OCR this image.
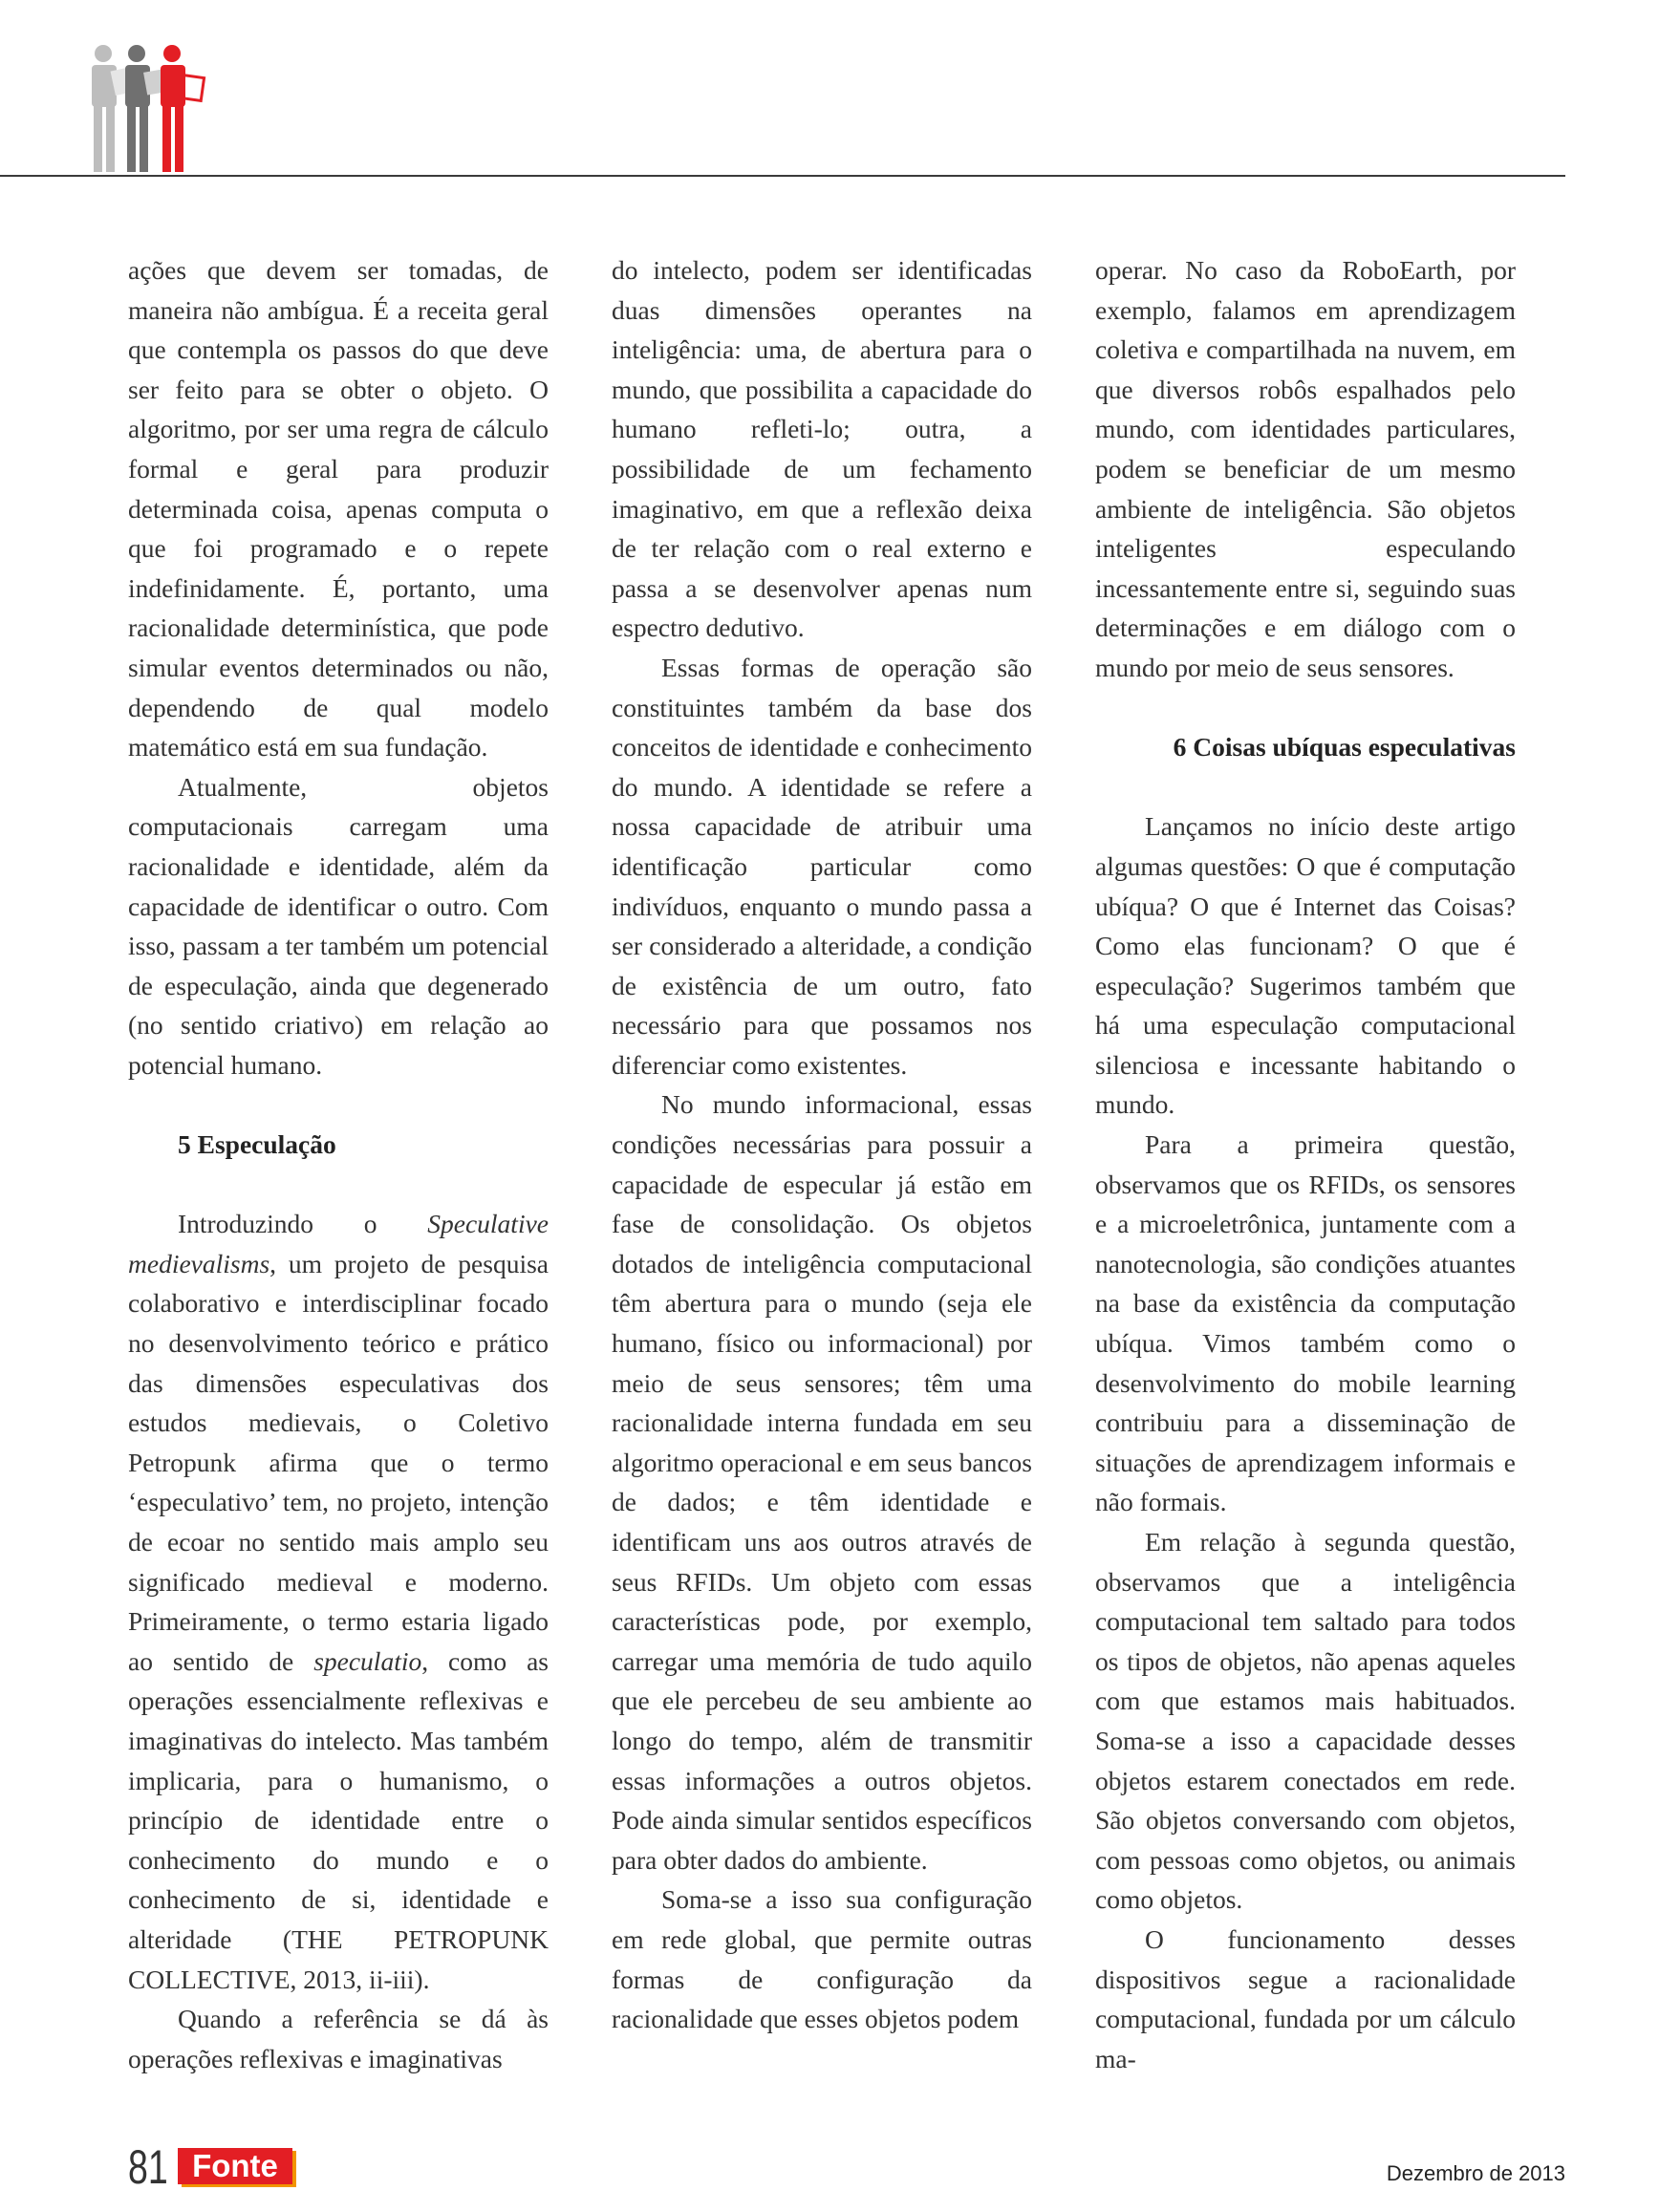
ações que devem ser tomadas, de maneira não ambígua. É a receita geral que contempla os passos do que deve ser feito para se obter o objeto. O algoritmo, por ser uma regra de cálculo formal e geral para produzir determinada coisa, apenas computa o que foi programado e o repete indefinidamente. É, portanto, uma racionalidade determinística, que pode simular eventos determinados ou não, dependendo de qual modelo matemático está em sua fundação.

Atualmente, objetos computacionais carregam uma racionalidade e identidade, além da capacidade de identificar o outro. Com isso, passam a ter também um potencial de especulação, ainda que degenerado (no sentido criativo) em relação ao potencial humano.

5 Especulação

Introduzindo o Speculative medievalisms, um projeto de pesquisa colaborativo e interdisciplinar focado no desenvolvimento teórico e prático das dimensões especulativas dos estudos medievais, o Coletivo Petropunk afirma que o termo ‘especulativo’ tem, no projeto, intenção de ecoar no sentido mais amplo seu significado medieval e moderno. Primeiramente, o termo estaria ligado ao sentido de speculatio, como as operações essencialmente reflexivas e imaginativas do intelecto. Mas também implicaria, para o humanismo, o princípio de identidade entre o conhecimento do mundo e o conhecimento de si, identidade e alteridade (THE PETROPUNK COLLECTIVE, 2013, ii-iii).

Quando a referência se dá às operações reflexivas e imaginativas

do intelecto, podem ser identificadas duas dimensões operantes na inteligência: uma, de abertura para o mundo, que possibilita a capacidade do humano refleti-lo; outra, a possibilidade de um fechamento imaginativo, em que a reflexão deixa de ter relação com o real externo e passa a se desenvolver apenas num espectro dedutivo.

Essas formas de operação são constituintes também da base dos conceitos de identidade e conhecimento do mundo. A identidade se refere a nossa capacidade de atribuir uma identificação particular como indivíduos, enquanto o mundo passa a ser considerado a alteridade, a condição de existência de um outro, fato necessário para que possamos nos diferenciar como existentes.

No mundo informacional, essas condições necessárias para possuir a capacidade de especular já estão em fase de consolidação. Os objetos dotados de inteligência computacional têm abertura para o mundo (seja ele humano, físico ou informacional) por meio de seus sensores; têm uma racionalidade interna fundada em seu algoritmo operacional e em seus bancos de dados; e têm identidade e identificam uns aos outros através de seus RFIDs. Um objeto com essas características pode, por exemplo, carregar uma memória de tudo aquilo que ele percebeu de seu ambiente ao longo do tempo, além de transmitir essas informações a outros objetos. Pode ainda simular sentidos específicos para obter dados do ambiente.

Soma-se a isso sua configuração em rede global, que permite outras formas de configuração da racionalidade que esses objetos podem

operar. No caso da RoboEarth, por exemplo, falamos em aprendizagem coletiva e compartilhada na nuvem, em que diversos robôs espalhados pelo mundo, com identidades particulares, podem se beneficiar de um mesmo ambiente de inteligência. São objetos inteligentes especulando incessantemente entre si, seguindo suas determinações e em diálogo com o mundo por meio de seus sensores.

6 Coisas ubíquas especulativas

Lançamos no início deste artigo algumas questões: O que é computação ubíqua? O que é Internet das Coisas? Como elas funcionam? O que é especulação? Sugerimos também que há uma especulação computacional silenciosa e incessante habitando o mundo.

Para a primeira questão, observamos que os RFIDs, os sensores e a microeletrônica, juntamente com a nanotecnologia, são condições atuantes na base da existência da computação ubíqua. Vimos também como o desenvolvimento do mobile learning contribuiu para a disseminação de situações de aprendizagem informais e não formais.

Em relação à segunda questão, observamos que a inteligência computacional tem saltado para todos os tipos de objetos, não apenas aqueles com que estamos mais habituados. Soma-se a isso a capacidade desses objetos estarem conectados em rede. São objetos conversando com objetos, com pessoas como objetos, ou animais como objetos.

O funcionamento desses dispositivos segue a racionalidade computacional, fundada por um cálculo ma-

81 Fonte	Dezembro de 2013
